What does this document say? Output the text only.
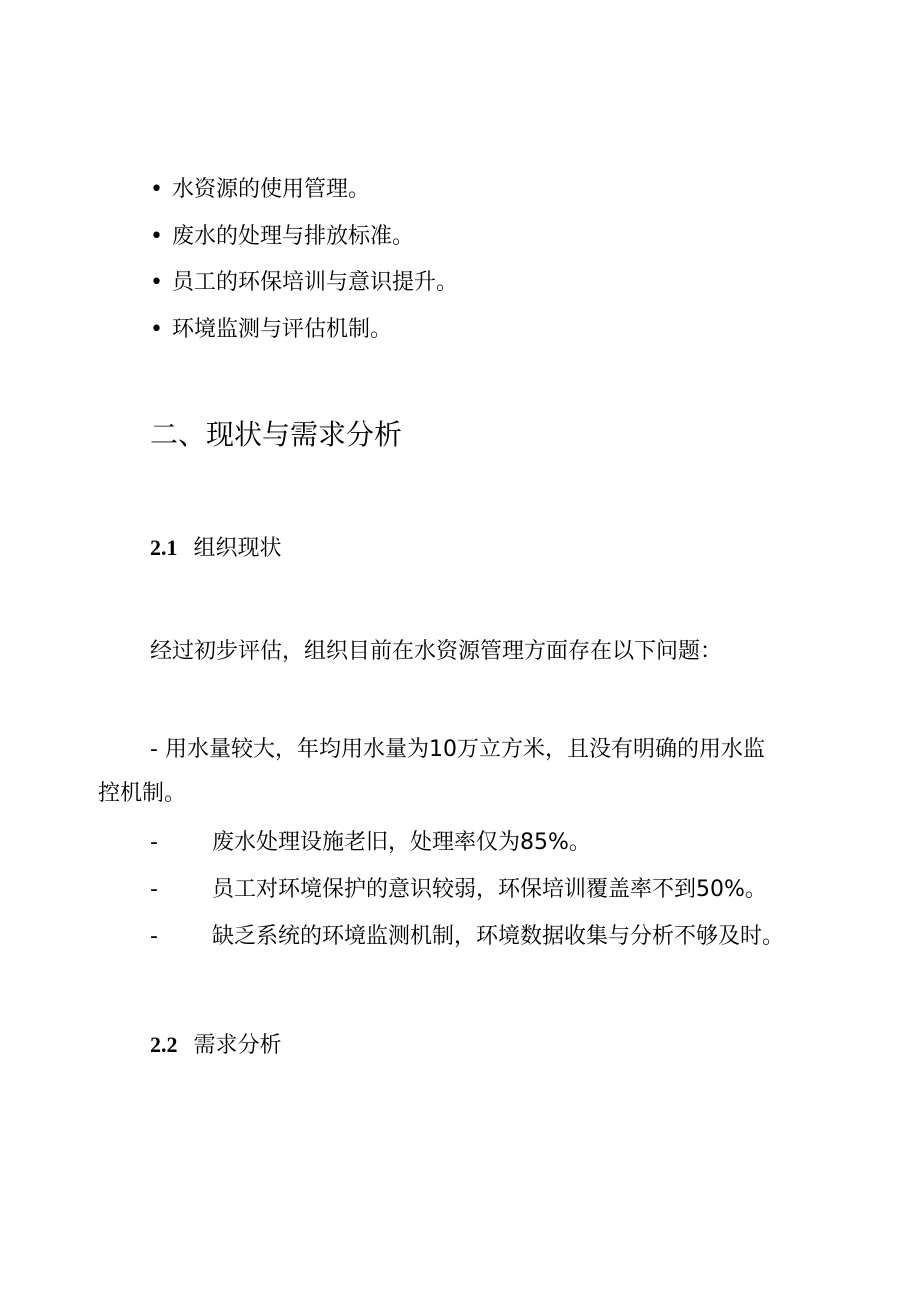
• 水资源的使用管理。
• 废水的处理与排放标准。
• 员工的环保培训与意识提升。
• 环境监测与评估机制。
二、现状与需求分析
2.1 组织现状

经过初步评估，组织目前在水资源管理方面存在以下问题：

- 用水量较大，年均用水量为10万立方米，且没有明确的用水监
控机制。
- 废水处理设施老旧，处理率仅为85%。
- 员工对环境保护的意识较弱，环保培训覆盖率不到50%。
- 缺乏系统的环境监测机制，环境数据收集与分析不够及时。
2.2 需求分析
